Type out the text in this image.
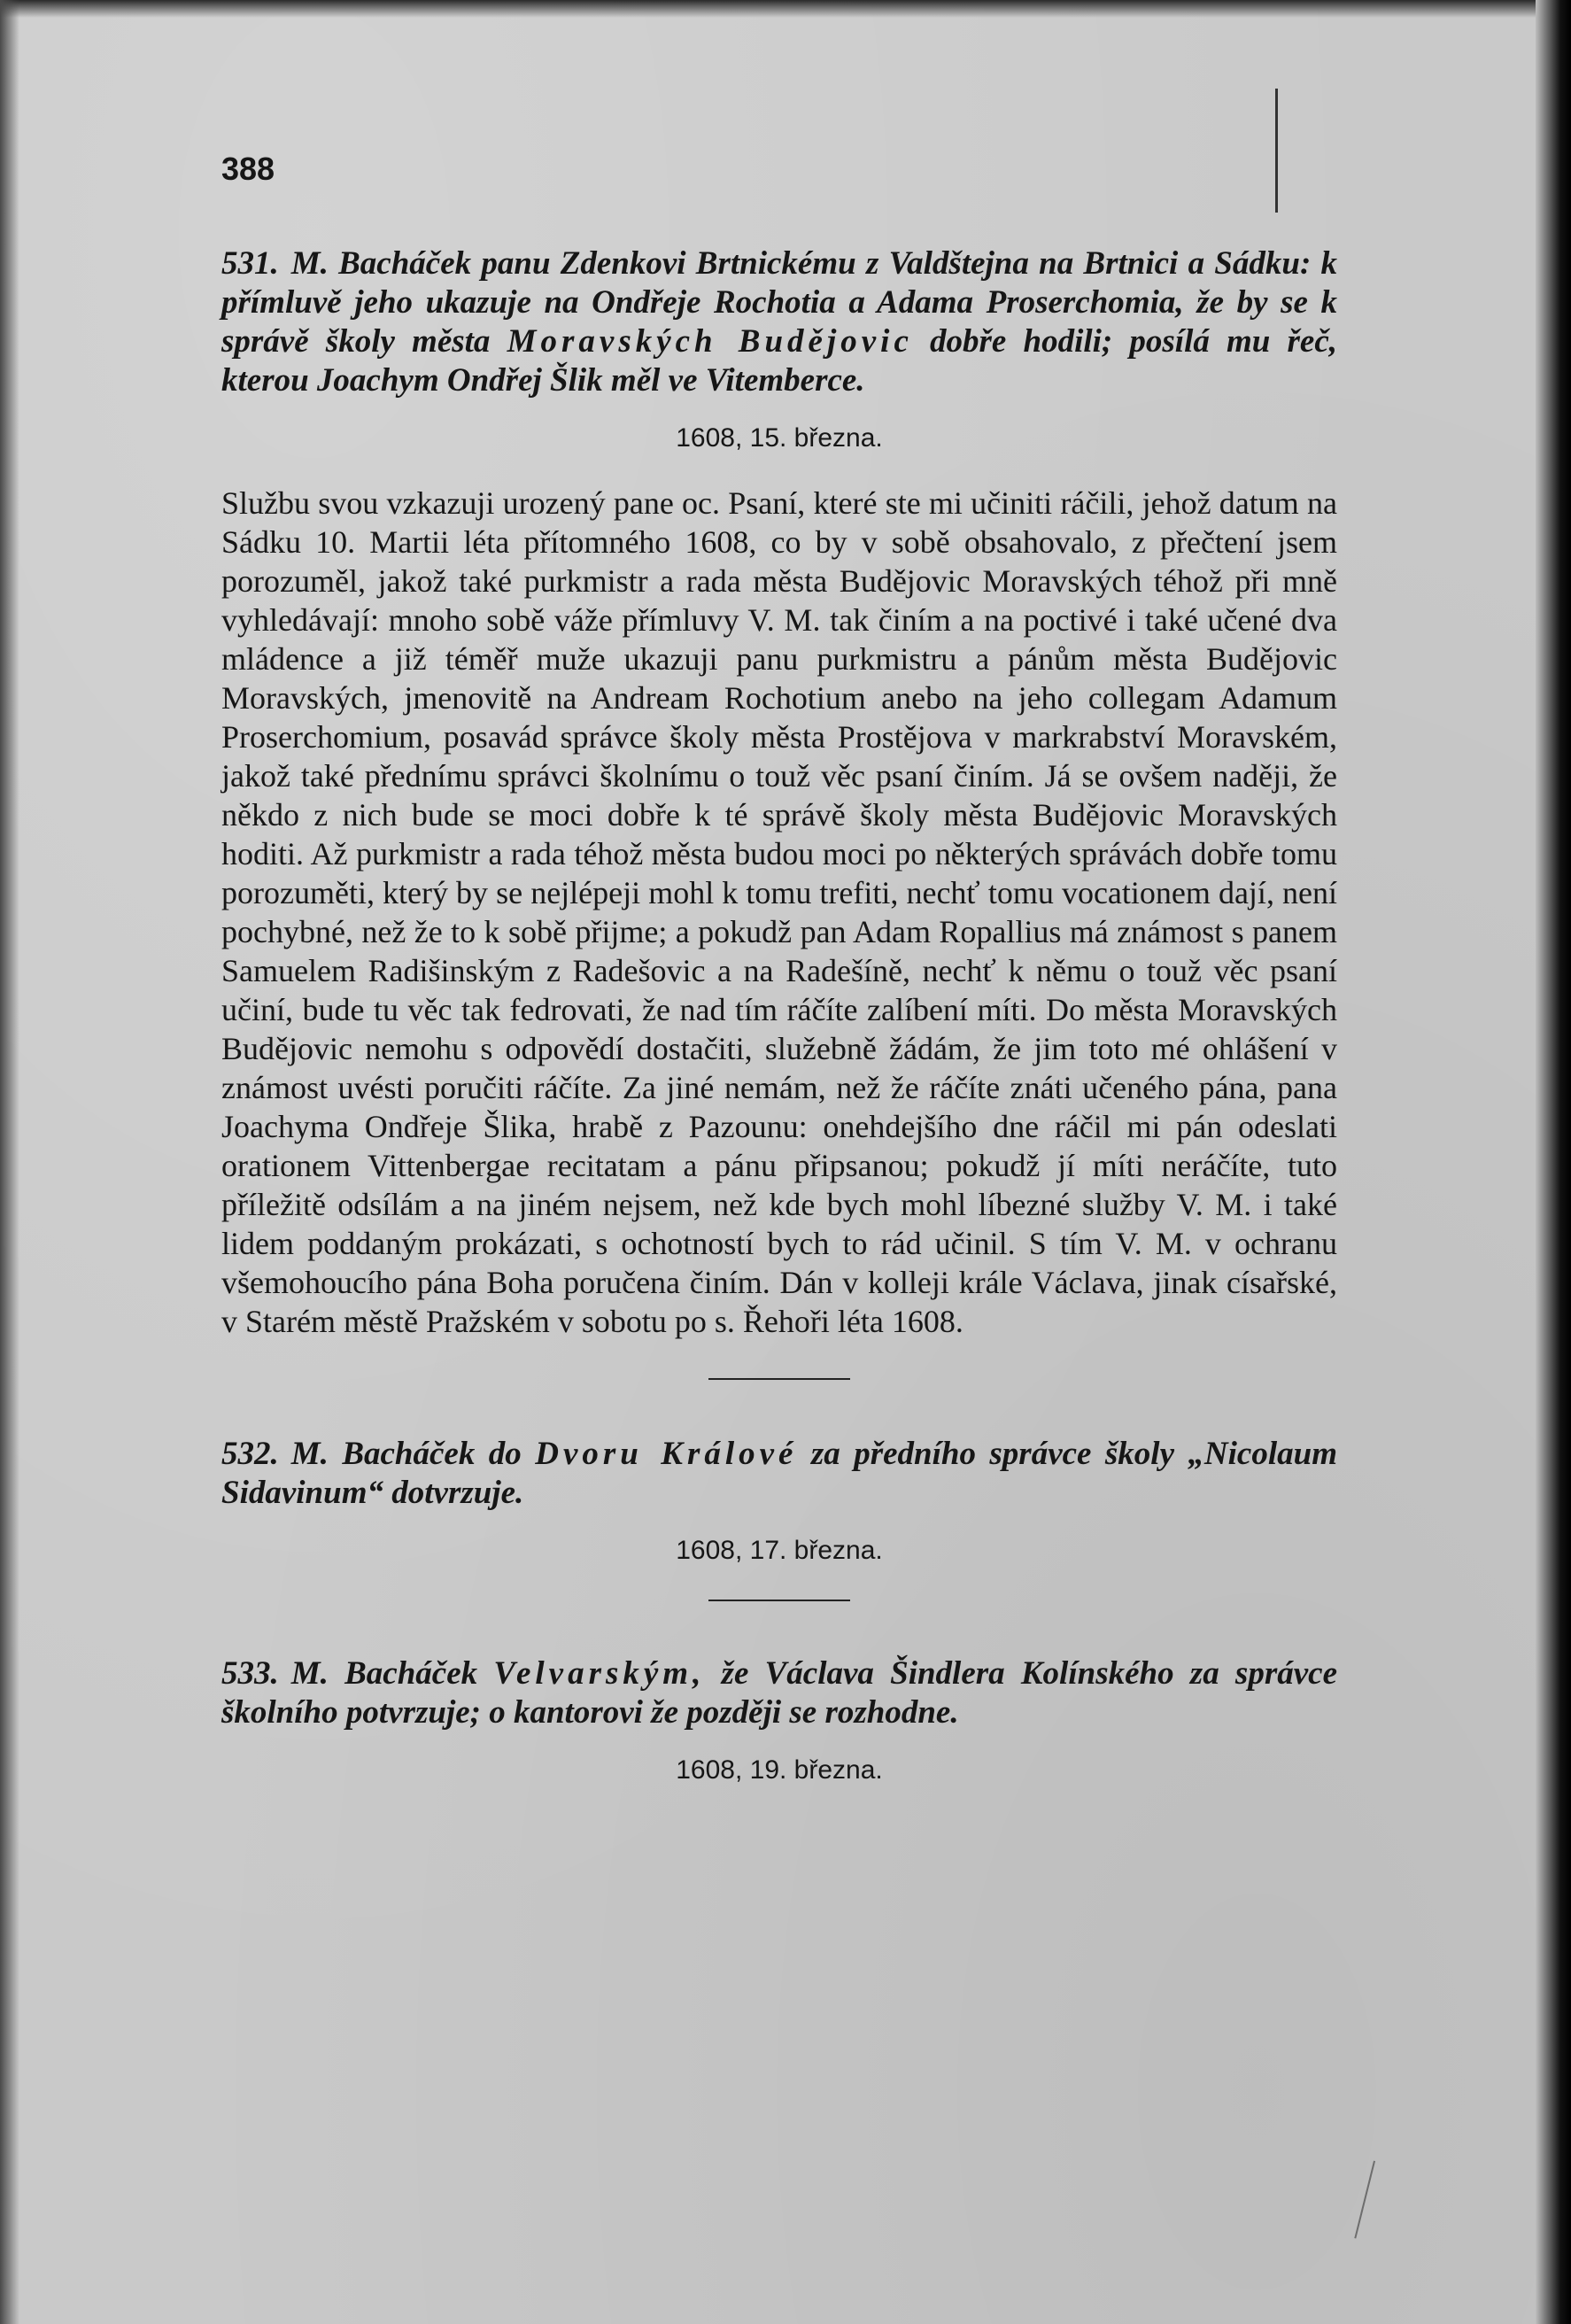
388

531. M. Bacháček panu Zdenkovi Brtnickému z Valdštejna na Brtnici a Sádku: k přímluvě jeho ukazuje na Ondřeje Rochotia a Adama Proserchomia, že by se k správě školy města Moravských Budějovic dobře hodili; posílá mu řeč, kterou Joachym Ondřej Šlik měl ve Vitemberce.

1608, 15. března.

Službu svou vzkazuji urozený pane oc. Psaní, které ste mi učiniti ráčili, jehož datum na Sádku 10. Martii léta přítomného 1608, co by v sobě obsahovalo, z přečtení jsem porozuměl, jakož také purkmistr a rada města Budějovic Moravských téhož při mně vyhledávají: mnoho sobě váže přímluvy V. M. tak činím a na poctivé i také učené dva mládence a již téměř muže ukazuji panu purkmistru a pánům města Budějovic Moravských, jmenovitě na Andream Rochotium anebo na jeho collegam Adamum Proserchomium, posavád správce školy města Prostějova v markrabství Moravském, jakož také přednímu správci školnímu o touž věc psaní činím. Já se ovšem naději, že někdo z nich bude se moci dobře k té správě školy města Budějovic Moravských hoditi. Až purkmistr a rada téhož města budou moci po některých správách dobře tomu porozuměti, který by se nejlépeji mohl k tomu trefiti, nechť tomu vocationem dají, není pochybné, než že to k sobě přijme; a pokudž pan Adam Ropallius má známost s panem Samuelem Radišinským z Radešovic a na Radešíně, nechť k němu o touž věc psaní učiní, bude tu věc tak fedrovati, že nad tím ráčíte zalíbení míti. Do města Moravských Budějovic nemohu s odpovědí dostačiti, služebně žádám, že jim toto mé ohlášení v známost uvésti poručiti ráčíte. Za jiné nemám, než že ráčíte znáti učeného pána, pana Joachyma Ondřeje Šlika, hrabě z Pazounu: onehdejšího dne ráčil mi pán odeslati orationem Vittenbergae recitatam a pánu připsanou; pokudž jí míti neráčíte, tuto příležitě odsílám a na jiném nejsem, než kde bych mohl líbezné služby V. M. i také lidem poddaným prokázati, s ochotností bych to rád učinil. S tím V. M. v ochranu všemohoucího pána Boha poručena činím. Dán v kolleji krále Václava, jinak císařské, v Starém městě Pražském v sobotu po s. Řehoři léta 1608.

532. M. Bacháček do Dvoru Králové za předního správce školy „Nicolaum Sidavinum“ dotvrzuje.

1608, 17. března.

533. M. Bacháček Velvarským, že Václava Šindlera Kolínského za správce školního potvrzuje; o kantorovi že později se rozhodne.

1608, 19. března.
